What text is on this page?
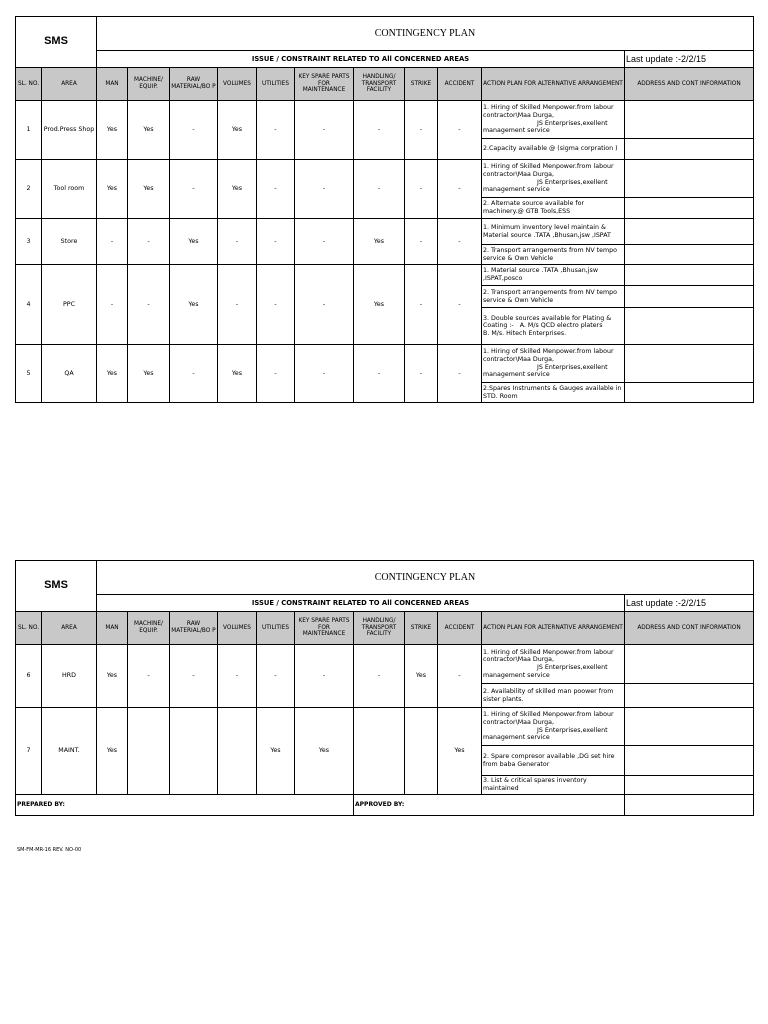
SMS		CONTINGENCY PLAN										
		ISSUE / CONSTRAINT RELATED TO All CONCERNED AREAS										Last update :-2/2/15
SL. NO.	AREA	MAN	MACHINE/ EQUIP.	RAW MATERIAL/BO P	VOLUMES	UTILITIES	KEY SPARE PARTS FOR MAINTENANCE	HANDLING/ TRANSPORT FACILITY	STRIKE	ACCIDENT	ACTION PLAN FOR ALTERNATIVE ARRANGEMENT	ADDRESS AND CONT INFORMATION
1	Prod.Press Shop	Yes	Yes	-	Yes	-	-	-	-	-	1. Hiring of Skilled Menpower.from labour contractor\Maa Durga,
JS Enterprises,exellent management service	
											2.Capacity available @ (sigma corpration )	
2	Tool room	Yes	Yes	-	Yes	-	-	-	-	-	1. Hiring of Skilled Menpower.from labour contractor\Maa Durga,
JS Enterprises,exellent management service	
											2. Alternate source available for machinery.@ GTB Tools,ESS	
3	Store	-	-	Yes	-	-	-	Yes	-	-	1. Minimum inventory level maintain & Material source .TATA ,Bhusan,jsw ,ISPAT	
											2. Transport arrangements from NV tempo service & Own Vehicle	
4	PPC	-	-	Yes	-	-	-	Yes	-	-	1. Material source .TATA ,Bhusan,jsw ,ISPAT,posco	
											2. Transport arrangements from NV tempo service & Own Vehicle	
											3. Double sources available for Plating &  Coating :-   A. M/s QCD electro platers                  B. M/s. Hitech Enterprises.	
5	QA	Yes	Yes	-	Yes	-	-	-	-	-	1. Hiring of Skilled Menpower.from labour contractor\Maa Durga,
JS Enterprises,exellent management service	
											2.Spares Instruments & Gauges available in STD. Room	
SMS		CONTINGENCY PLAN										
		ISSUE / CONSTRAINT RELATED TO All CONCERNED AREAS										Last update :-2/2/15
SL. NO.	AREA	MAN	MACHINE/ EQUIP.	RAW MATERIAL/BO P	VOLUMES	UTILITIES	KEY SPARE PARTS FOR MAINTENANCE	HANDLING/ TRANSPORT FACILITY	STRIKE	ACCIDENT	ACTION PLAN FOR ALTERNATIVE ARRANGEMENT	ADDRESS AND CONT INFORMATION
6	HRD	Yes	-	-	-	-	-	-	Yes	-	1. Hiring of Skilled Menpower.from labour contractor\Maa Durga,
JS Enterprises,exellent management service	
											2. Availability of skilled man poower from sister plants.	
7	MAINT.	Yes				Yes	Yes			Yes	1. Hiring of Skilled Menpower.from labour contractor\Maa Durga,
JS Enterprises,exellent management service	
											2. Spare compresor available ,DG set hire from baba Generator	
											3. List & critical spares inventory maintained	
PREPARED BY:								APPROVED BY:				
SM-FM-MR-16 REV. NO-00
